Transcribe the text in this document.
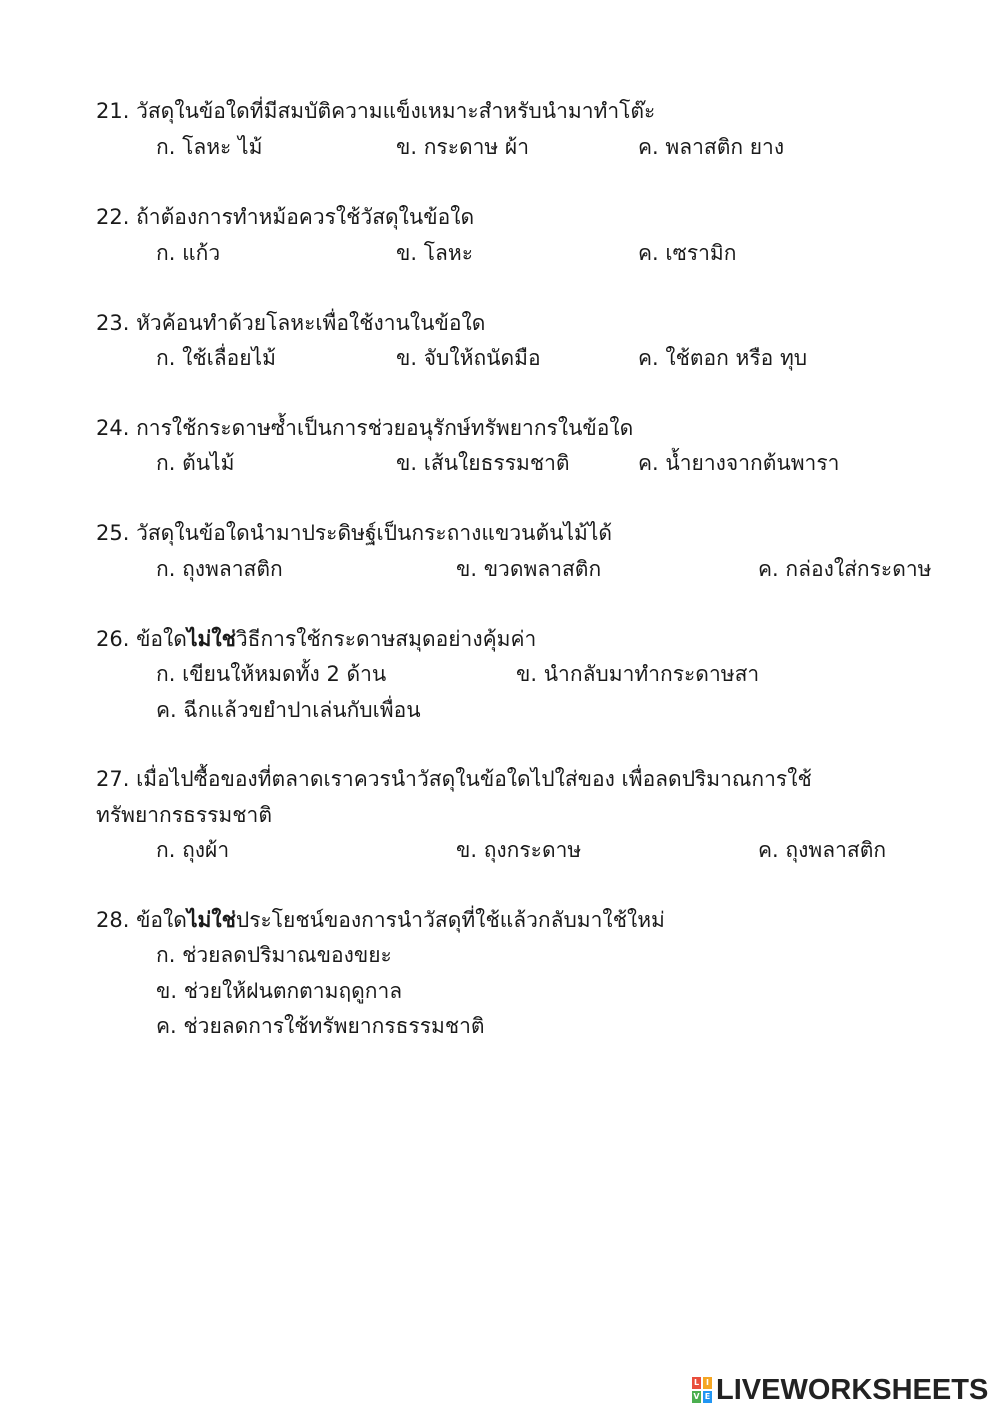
21. วัสดุในข้อใดที่มีสมบัติความแข็งเหมาะสำหรับนำมาทำโต๊ะ
ก. โลหะ ไม้	ข. กระดาษ ผ้า	ค. พลาสติก ยาง
22. ถ้าต้องการทำหม้อควรใช้วัสดุในข้อใด
ก. แก้ว	ข. โลหะ	ค. เซรามิก
23. หัวค้อนทำด้วยโลหะเพื่อใช้งานในข้อใด
ก. ใช้เลื่อยไม้	ข. จับให้ถนัดมือ	ค. ใช้ตอก หรือ ทุบ
24. การใช้กระดาษซ้ำเป็นการช่วยอนุรักษ์ทรัพยากรในข้อใด
ก. ต้นไม้	ข. เส้นใยธรรมชาติ	ค. น้ำยางจากต้นพารา
25. วัสดุในข้อใดนำมาประดิษฐ์เป็นกระถางแขวนต้นไม้ได้
ก. ถุงพลาสติก	ข. ขวดพลาสติก	ค. กล่องใส่กระดาษ
26. ข้อใดไม่ใช่วิธีการใช้กระดาษสมุดอย่างคุ้มค่า
ก. เขียนให้หมดทั้ง 2 ด้าน	ข. นำกลับมาทำกระดาษสา
ค. ฉีกแล้วขยำปาเล่นกับเพื่อน
27. เมื่อไปซื้อของที่ตลาดเราควรนำวัสดุในข้อใดไปใส่ของ เพื่อลดปริมาณการใช้
ทรัพยากรธรรมชาติ
ก. ถุงผ้า	ข. ถุงกระดาษ	ค. ถุงพลาสติก
28. ข้อใดไม่ใช่ประโยชน์ของการนำวัสดุที่ใช้แล้วกลับมาใช้ใหม่
ก. ช่วยลดปริมาณของขยะ
ข. ช่วยให้ฝนตกตามฤดูกาล
ค. ช่วยลดการใช้ทรัพยากรธรรมชาติ
L I
V E LIVEWORKSHEETS
